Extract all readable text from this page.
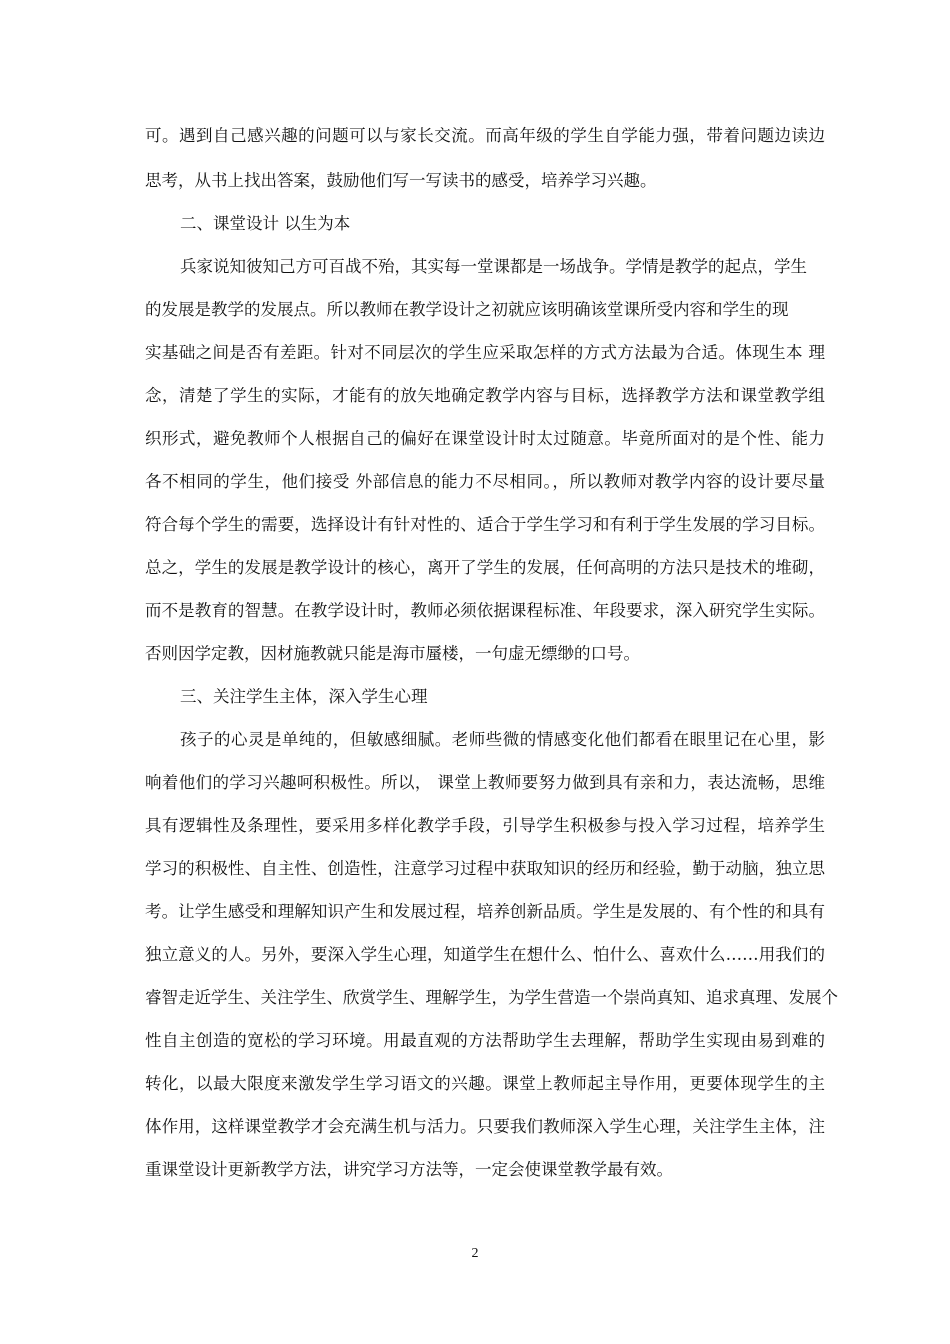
可。遇到自己感兴趣的问题可以与家长交流。而高年级的学生自学能力强，带着问题边读边
思考，从书上找出答案，鼓励他们写一写读书的感受，培养学习兴趣。
二、课堂设计 以生为本
兵家说知彼知己方可百战不殆，其实每一堂课都是一场战争。学情是教学的起点，学生
的发展是教学的发展点。所以教师在教学设计之初就应该明确该堂课所受内容和学生的现
实基础之间是否有差距。针对不同层次的学生应采取怎样的方式方法最为合适。体现生本 理
念，清楚了学生的实际，才能有的放矢地确定教学内容与目标，选择教学方法和课堂教学组
织形式，避免教师个人根据自己的偏好在课堂设计时太过随意。毕竟所面对的是个性、能力
各不相同的学生，他们接受 外部信息的能力不尽相同。，所以教师对教学内容的设计要尽量
符合每个学生的需要，选择设计有针对性的、适合于学生学习和有利于学生发展的学习目标。
总之，学生的发展是教学设计的核心，离开了学生的发展，任何高明的方法只是技术的堆砌，
而不是教育的智慧。在教学设计时，教师必须依据课程标准、年段要求，深入研究学生实际。
否则因学定教，因材施教就只能是海市蜃楼，一句虚无缥缈的口号。
三、关注学生主体，深入学生心理
孩子的心灵是单纯的，但敏感细腻。老师些微的情感变化他们都看在眼里记在心里，影
响着他们的学习兴趣呵积极性。所以， 课堂上教师要努力做到具有亲和力，表达流畅，思维
具有逻辑性及条理性，要采用多样化教学手段，引导学生积极参与投入学习过程，培养学生
学习的积极性、自主性、创造性，注意学习过程中获取知识的经历和经验，勤于动脑，独立思
考。让学生感受和理解知识产生和发展过程，培养创新品质。学生是发展的、有个性的和具有
独立意义的人。另外，要深入学生心理，知道学生在想什么、怕什么、喜欢什么……用我们的
睿智走近学生、关注学生、欣赏学生、理解学生，为学生营造一个崇尚真知、追求真理、发展个
性自主创造的宽松的学习环境。用最直观的方法帮助学生去理解，帮助学生实现由易到难的
转化，以最大限度来激发学生学习语文的兴趣。课堂上教师起主导作用，更要体现学生的主
体作用，这样课堂教学才会充满生机与活力。只要我们教师深入学生心理，关注学生主体，注
重课堂设计更新教学方法，讲究学习方法等，一定会使课堂教学最有效。
2
